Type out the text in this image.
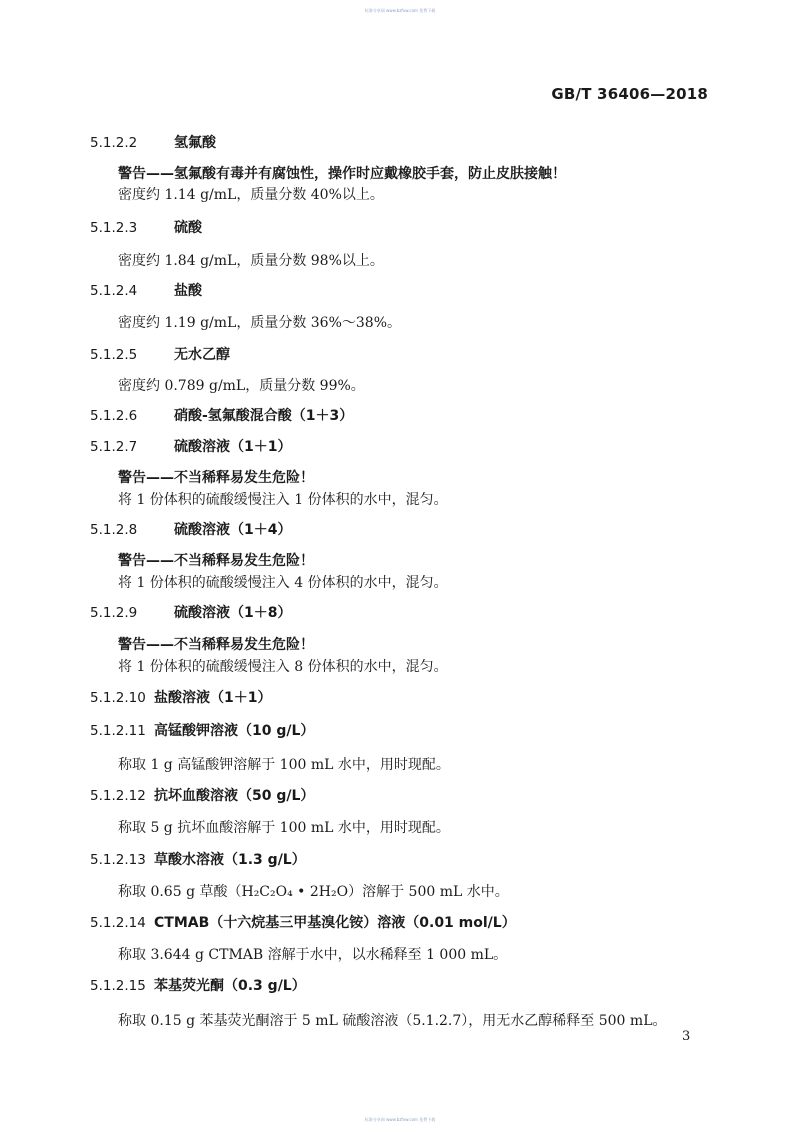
标准分享网 www.bzfxw.com 免费下载
GB/T 36406—2018
5.1.2.2	氢氟酸
警告——氢氟酸有毒并有腐蚀性，操作时应戴橡胶手套，防止皮肤接触！
密度约 1.14 g/mL，质量分数 40%以上。
5.1.2.3	硫酸
密度约 1.84 g/mL，质量分数 98%以上。
5.1.2.4	盐酸
密度约 1.19 g/mL，质量分数 36%～38%。
5.1.2.5	无水乙醇
密度约 0.789 g/mL，质量分数 99%。
5.1.2.6	硝酸-氢氟酸混合酸（1＋3）
5.1.2.7	硫酸溶液（1＋1）
警告——不当稀释易发生危险！
将 1 份体积的硫酸缓慢注入 1 份体积的水中，混匀。
5.1.2.8	硫酸溶液（1＋4）
警告——不当稀释易发生危险！
将 1 份体积的硫酸缓慢注入 4 份体积的水中，混匀。
5.1.2.9	硫酸溶液（1＋8）
警告——不当稀释易发生危险！
将 1 份体积的硫酸缓慢注入 8 份体积的水中，混匀。
5.1.2.10 盐酸溶液（1＋1）
5.1.2.11 高锰酸钾溶液（10 g/L）
称取 1 g 高锰酸钾溶解于 100 mL 水中，用时现配。
5.1.2.12 抗坏血酸溶液（50 g/L）
称取 5 g 抗坏血酸溶解于 100 mL 水中，用时现配。
5.1.2.13 草酸水溶液（1.3 g/L）
称取 0.65 g 草酸（H₂C₂O₄ • 2H₂O）溶解于 500 mL 水中。
5.1.2.14 CTMAB（十六烷基三甲基溴化铵）溶液（0.01 mol/L）
称取 3.644 g CTMAB 溶解于水中，以水稀释至 1 000 mL。
5.1.2.15 苯基荧光酮（0.3 g/L）
称取 0.15 g 苯基荧光酮溶于 5 mL 硫酸溶液（5.1.2.7），用无水乙醇稀释至 500 mL。
3
标准分享网 www.bzfxw.com 免费下载
